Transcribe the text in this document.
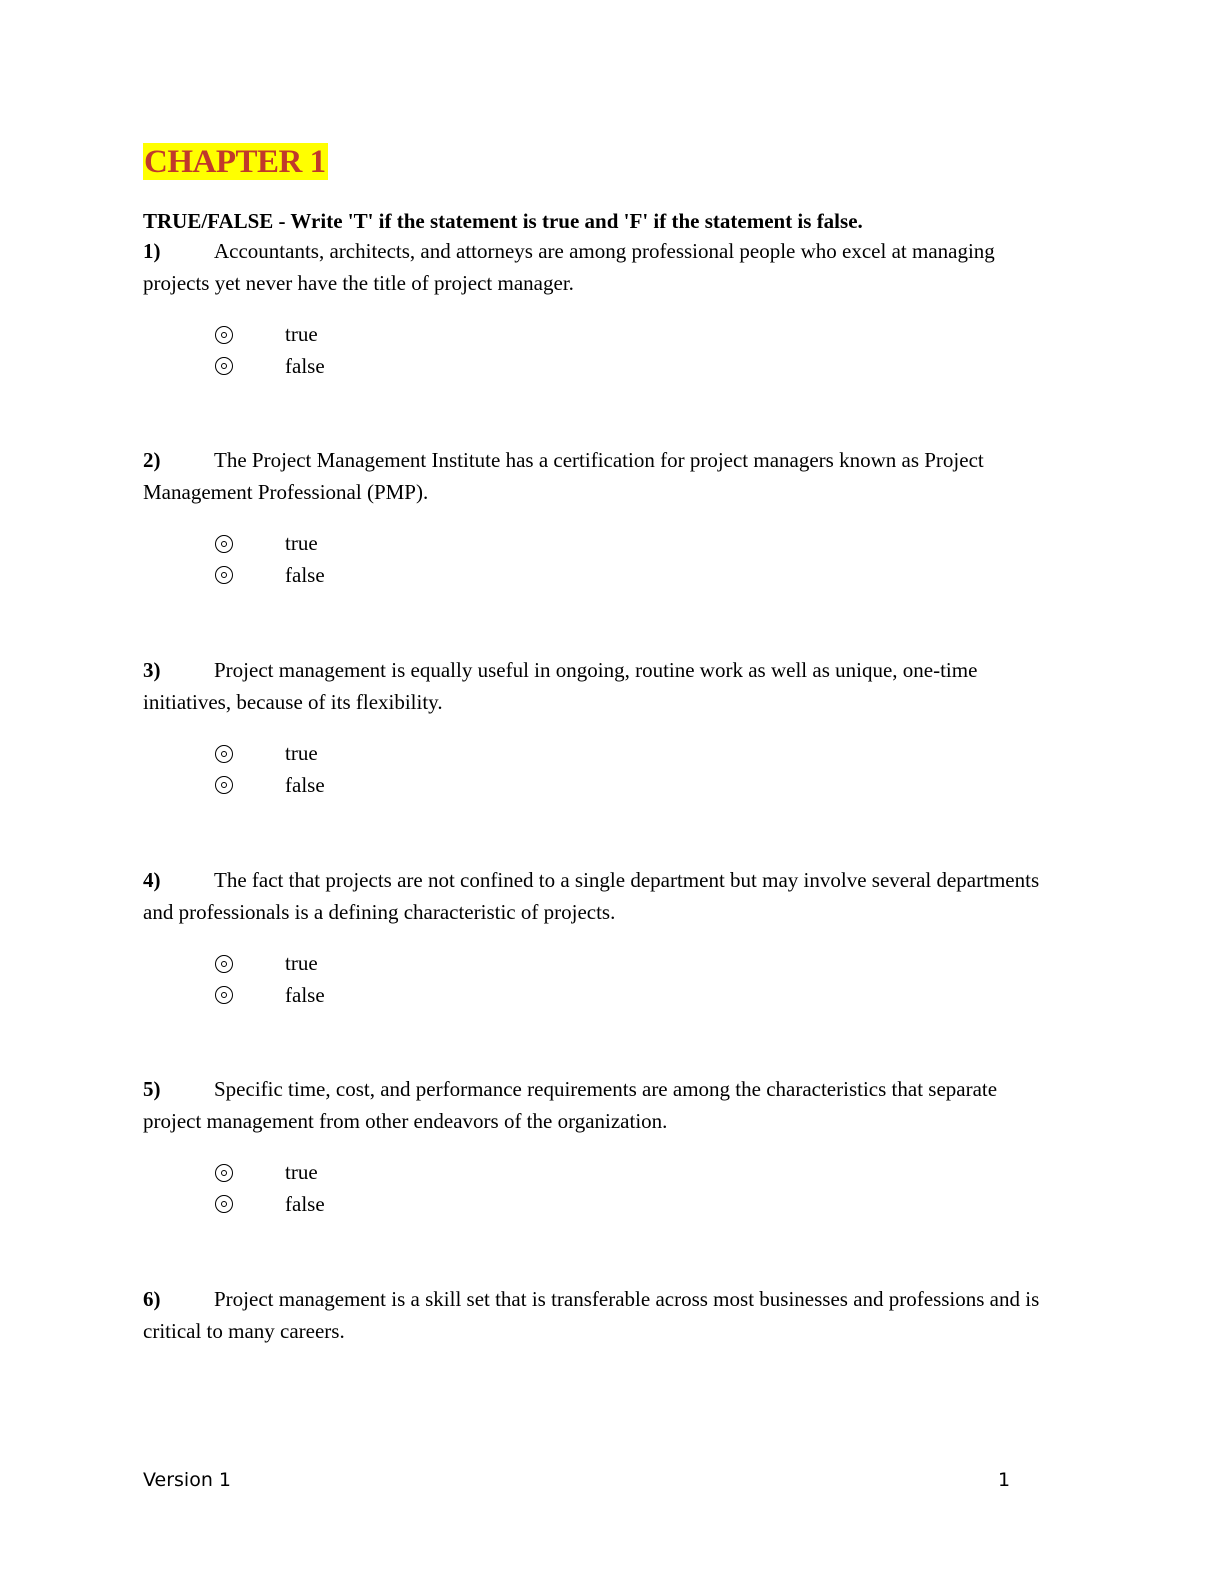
CHAPTER 1
TRUE/FALSE - Write 'T' if the statement is true and 'F' if the statement is false.

1)	Accountants, architects, and attorneys are among professional people who excel at managing projects yet never have the title of project manager.

true
false

2)	The Project Management Institute has a certification for project managers known as Project Management Professional (PMP).

true
false

3)	Project management is equally useful in ongoing, routine work as well as unique, one-time initiatives, because of its flexibility.

true
false

4)	The fact that projects are not confined to a single department but may involve several departments and professionals is a defining characteristic of projects.

true
false

5)	Specific time, cost, and performance requirements are among the characteristics that separate project management from other endeavors of the organization.

true
false

6)	Project management is a skill set that is transferable across most businesses and professions and is critical to many careers.

Version 1	1
